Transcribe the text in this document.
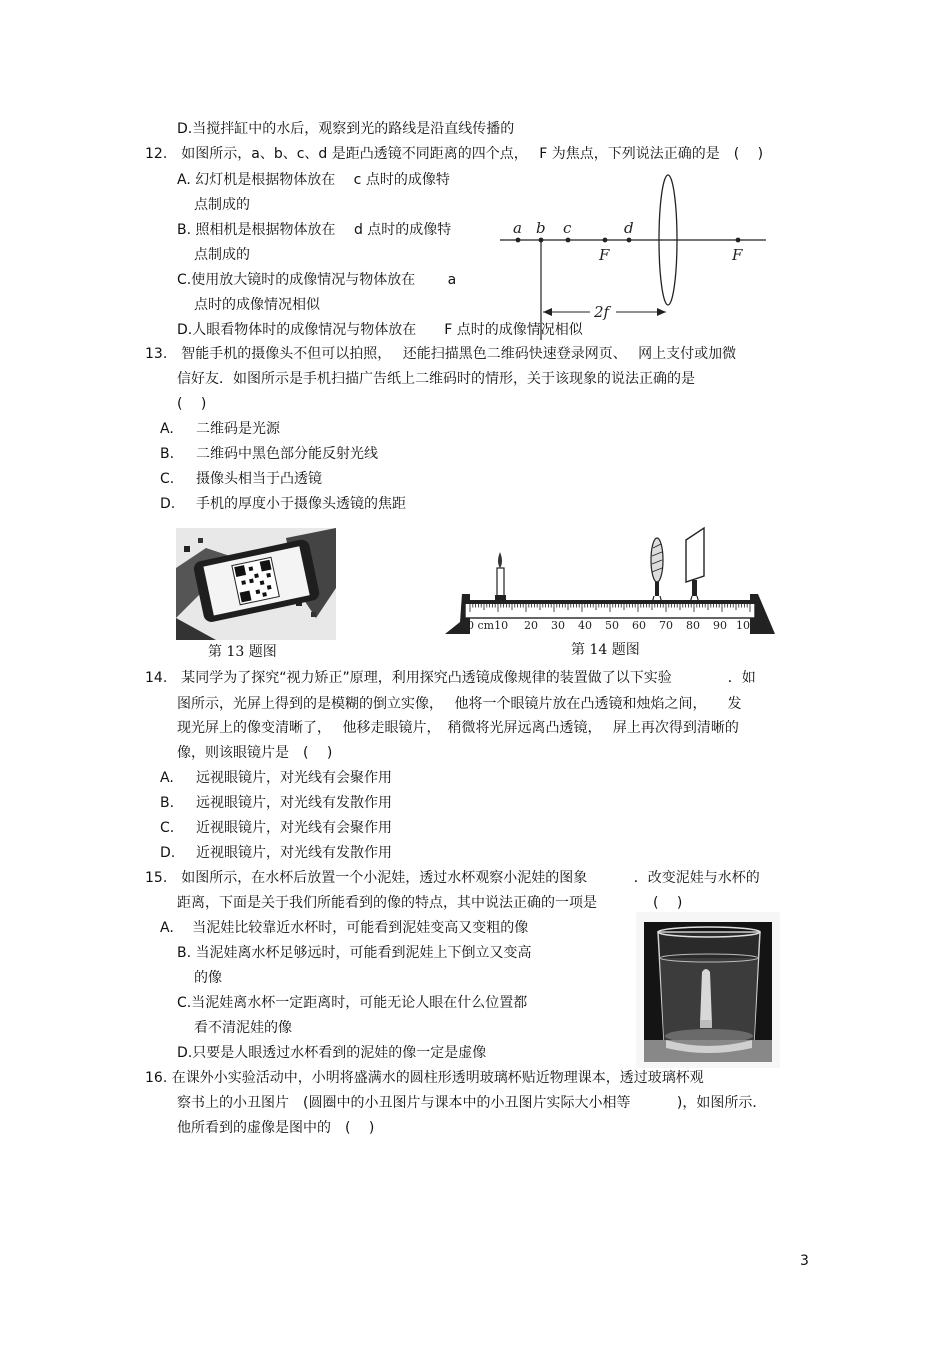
D.当搅拌缸中的水后，观察到光的路线是沿直线传播的
12.　如图所示，a、b、c、d 是距凸透镜不同距离的四个点，　 F 为焦点，下列说法正确的是　(　 )
A. 幻灯机是根据物体放在　 c 点时的成像特
点制成的
B. 照相机是根据物体放在　 d 点时的成像特
点制成的
C.使用放大镜时的成像情况与物体放在　　 a
点时的成像情况相似
D.人眼看物体时的成像情况与物体放在　　F 点时的成像情况相似
a b c	d
F	F
2f
13.　智能手机的摄像头不但可以拍照，　 还能扫描黑色二维码快速登录网页、　 网上支付或加微
信好友．如图所示是手机扫描广告纸上二维码时的情形，关于该现象的说法正确的是
(　 )
A. 二维码是光源
B. 二维码中黑色部分能反射光线
C. 摄像头相当于凸透镜
D. 手机的厚度小于摄像头透镜的焦距
第 13 题图
0 cm10 20 30 40 50 60 70 80 90 100
第 14 题图
14.　某同学为了探究“视力矫正”原理，利用探究凸透镜成像规律的装置做了以下实验　　　　．如
图所示，光屏上得到的是模糊的倒立实像，　 他将一个眼镜片放在凸透镜和烛焰之间，　　发
现光屏上的像变清晰了，　 他移走眼镜片，　稍微将光屏远离凸透镜，　 屏上再次得到清晰的
像，则该眼镜片是　(　 )
A. 远视眼镜片，对光线有会聚作用
B. 远视眼镜片，对光线有发散作用
C. 近视眼镜片，对光线有会聚作用
D. 近视眼镜片，对光线有发散作用
15.　如图所示，在水杯后放置一个小泥娃，透过水杯观察小泥娃的图象　　　 ．改变泥娃与水杯的
距离，下面是关于我们所能看到的像的特点，其中说法正确的一项是　　　　(　 )
A.　 当泥娃比较靠近水杯时，可能看到泥娃变高又变粗的像
B. 当泥娃离水杯足够远时，可能看到泥娃上下倒立又变高
的像
C.当泥娃离水杯一定距离时，可能无论人眼在什么位置都
看不清泥娃的像
D.只要是人眼透过水杯看到的泥娃的像一定是虚像
16. 在课外小实验活动中，小明将盛满水的圆柱形透明玻璃杯贴近物理课本，透过玻璃杯观
察书上的小丑图片　(圆圈中的小丑图片与课本中的小丑图片实际大小相等　　　 )，如图所示．
他所看到的虚像是图中的　(　 )
3
